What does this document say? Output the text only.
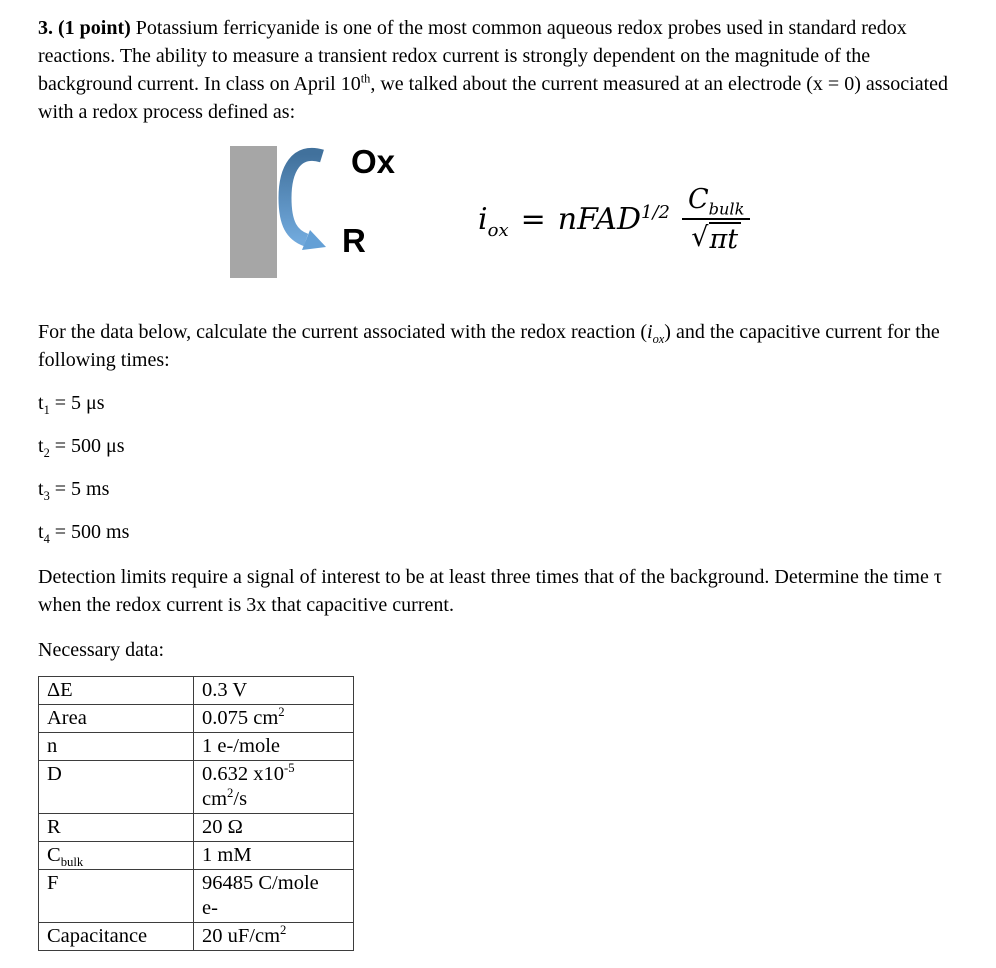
3. (1 point) Potassium ferricyanide is one of the most common aqueous redox probes used in standard redox reactions. The ability to measure a transient redox current is strongly dependent on the magnitude of the background current. In class on April 10th, we talked about the current measured at an electrode (x = 0) associated with a redox process defined as:

Ox
R
$i_{ox}$ = nFAD$^{1/2}$ $\frac{C_{bulk}}{√ \pi t}$

For the data below, calculate the current associated with the redox reaction $(i_{ox})$ and the capacitive current for the following times:

$t_1 = 5$ μs

$t_2 = 500$ μs

$t_3 = 5$ ms

$t_4 = 500$ ms

Detection limits require a signal of interest to be at least three times that of the background. Determine the time τ when the redox current is 3x that capacitive current.

Necessary data:

ΔE	0.3 V

Area	0.075 $cm^2$

n	1 e-/mole

D	0.632 $x10^{-5}$
$cm^2/s$

R	20 Ω

$C_{bulk}$	1 mM

F	96485 C/mole
e-

Capacitance	20 $uF/cm^2$
